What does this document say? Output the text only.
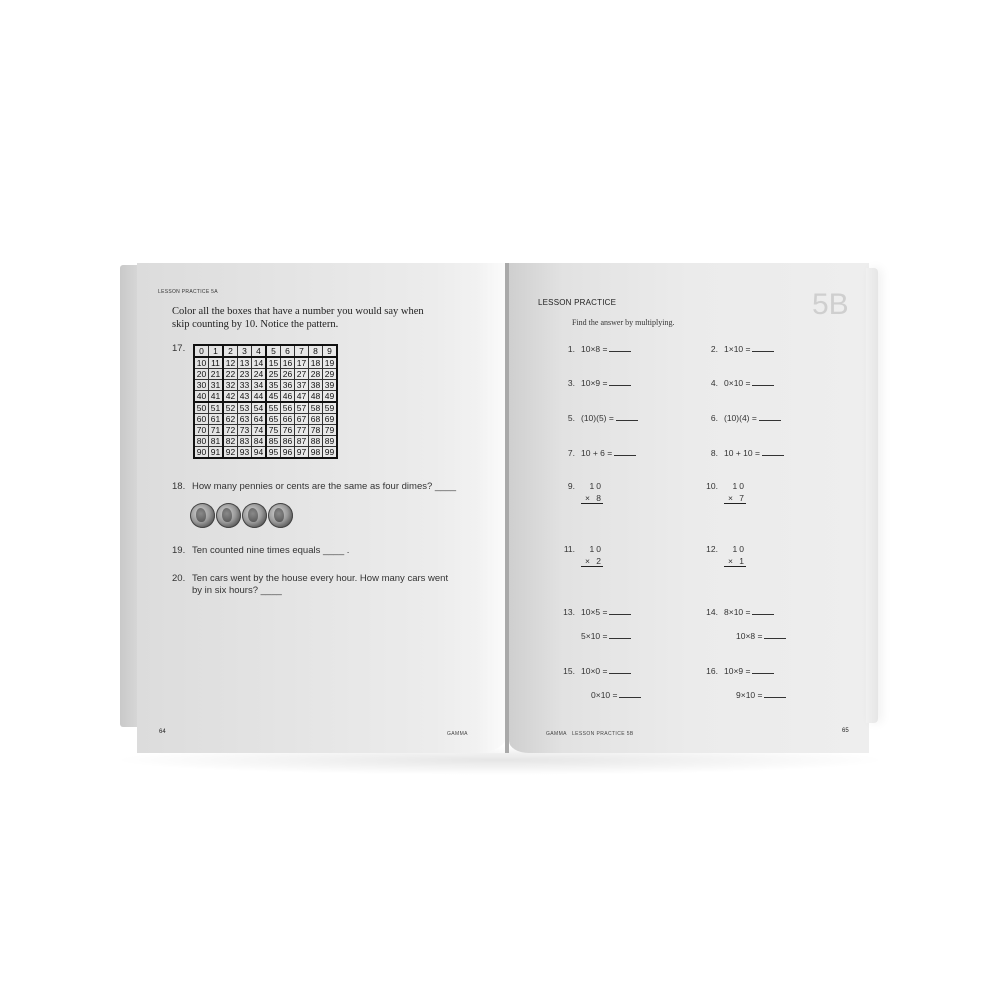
LESSON PRACTICE 5A
Color all the boxes that have a number you would say when skip counting by 10. Notice the pattern.
17. 0	1	2	3	4	5	6	7	8	9
10	11	12	13	14	15	16	17	18	19
20	21	22	23	24	25	26	27	28	29
30	31	32	33	34	35	36	37	38	39
40	41	42	43	44	45	46	47	48	49
50	51	52	53	54	55	56	57	58	59
60	61	62	63	64	65	66	67	68	69
70	71	72	73	74	75	76	77	78	79
80	81	82	83	84	85	86	87	88	89
90	91	92	93	94	95	96	97	98	99
18. How many pennies or cents are the same as four dimes? ____
19. Ten counted nine times equals ____ .
20. Ten cars went by the house every hour. How many cars went
by in six hours? ____
64	GAMMA
LESSON PRACTICE	5B
Find the answer by multiplying.
1. 10×8 =	2. 1×10 =
3. 10×9 =	4. 0×10 =
5. (10)(5) =	6. (10)(4) =
7. 10 + 6 =	8. 10 + 10 =
9.	10
× 8
10.	10
× 7
11.	10
× 2
12.	10
× 1
13. 10×5 =
5×10 =
14. 8×10 =
10×8 =
15. 10×0 =
0×10 =
16. 10×9 =
9×10 =
GAMMA LESSON PRACTICE 5B	65
